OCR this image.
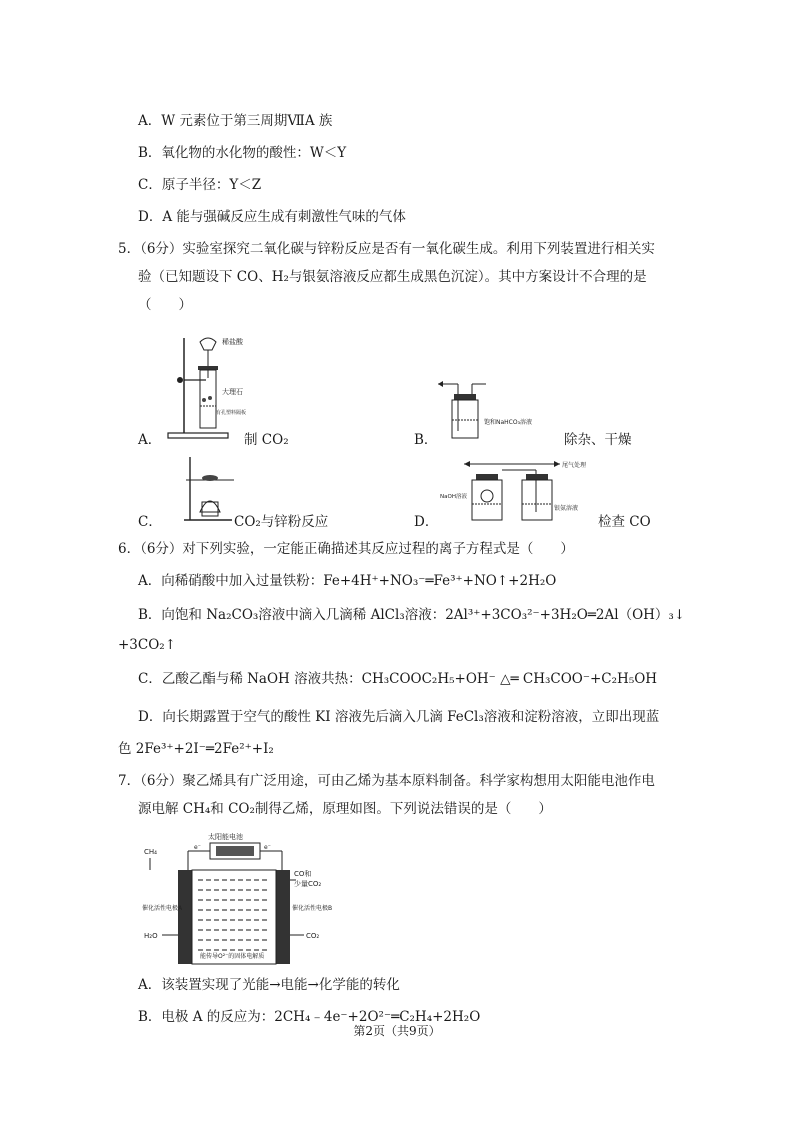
A．W 元素位于第三周期ⅦA 族
B．氧化物的水化物的酸性：W＜Y
C．原子半径：Y＜Z
D．A 能与强碱反应生成有刺激性气味的气体
5．（6分）实验室探究二氧化碳与锌粉反应是否有一氧化碳生成。利用下列装置进行相关实
验（已知题设下 CO、H₂与银氨溶液反应都生成黑色沉淀）。其中方案设计不合理的是
（　　）
稀盐酸
大理石
有孔塑料隔板
A．	制 CO₂
饱和NaHCO₃溶液
B．	除杂、干燥
C．	CO₂与锌粉反应
尾气处理
NaOH溶液
银氨溶液
D．	检查 CO
6．（6分）对下列实验，一定能正确描述其反应过程的离子方程式是（　　）
A．向稀硝酸中加入过量铁粉：Fe+4H⁺+NO₃⁻═Fe³⁺+NO↑+2H₂O
B．向饱和 Na₂CO₃溶液中滴入几滴稀 AlCl₃溶液：2Al³⁺+3CO₃²⁻+3H₂O═2Al（OH）₃↓
+3CO₂↑
C．乙酸乙酯与稀 NaOH 溶液共热：CH₃COOC₂H₅+OH⁻ △═ CH₃COO⁻+C₂H₅OH
D．向长期露置于空气的酸性 KI 溶液先后滴入几滴 FeCl₃溶液和淀粉溶液，立即出现蓝
色 2Fe³⁺+2I⁻═2Fe²⁺+I₂
7．（6分）聚乙烯具有广泛用途，可由乙烯为基本原料制备。科学家构想用太阳能电池作电
源电解 CH₄和 CO₂制得乙烯，原理如图。下列说法错误的是（　　）
太阳能电池
e⁻	e⁻
CH₄
CO和
少量CO₂
催化活性电极A	催化活性电极B
H₂O	CO₂
能传导O²⁻的固体电解质
A．该装置实现了光能→电能→化学能的转化
B．电极 A 的反应为：2CH₄﹣4e⁻+2O²⁻═C₂H₄+2H₂O
第2页（共9页）
